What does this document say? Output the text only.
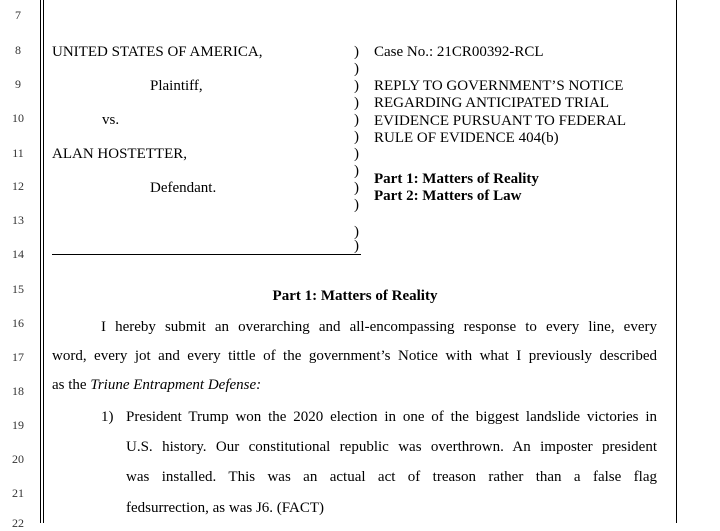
7
8
9
10
11
12
13
14
15
16
17
18
19
20
21
22
UNITED STATES OF AMERICA,
Plaintiff,
vs.
ALAN HOSTETTER,
Defendant.
)
)
)
)
)
)
)
)
)
)
)
)
Case No.: 21CR00392-RCL
REPLY TO GOVERNMENT’S NOTICE
REGARDING ANTICIPATED TRIAL
EVIDENCE PURSUANT TO FEDERAL
RULE OF EVIDENCE 404(b)
Part 1: Matters of Reality
Part 2: Matters of Law
Part 1: Matters of Reality
I hereby submit an overarching and all-encompassing response to every line, every
word, every jot and every tittle of the government’s Notice with what I previously described
as the Triune Entrapment Defense:
1) President Trump won the 2020 election in one of the biggest landslide victories in
U.S. history. Our constitutional republic was overthrown. An imposter president
was installed. This was an actual act of treason rather than a false flag
fedsurrection, as was J6. (FACT)
